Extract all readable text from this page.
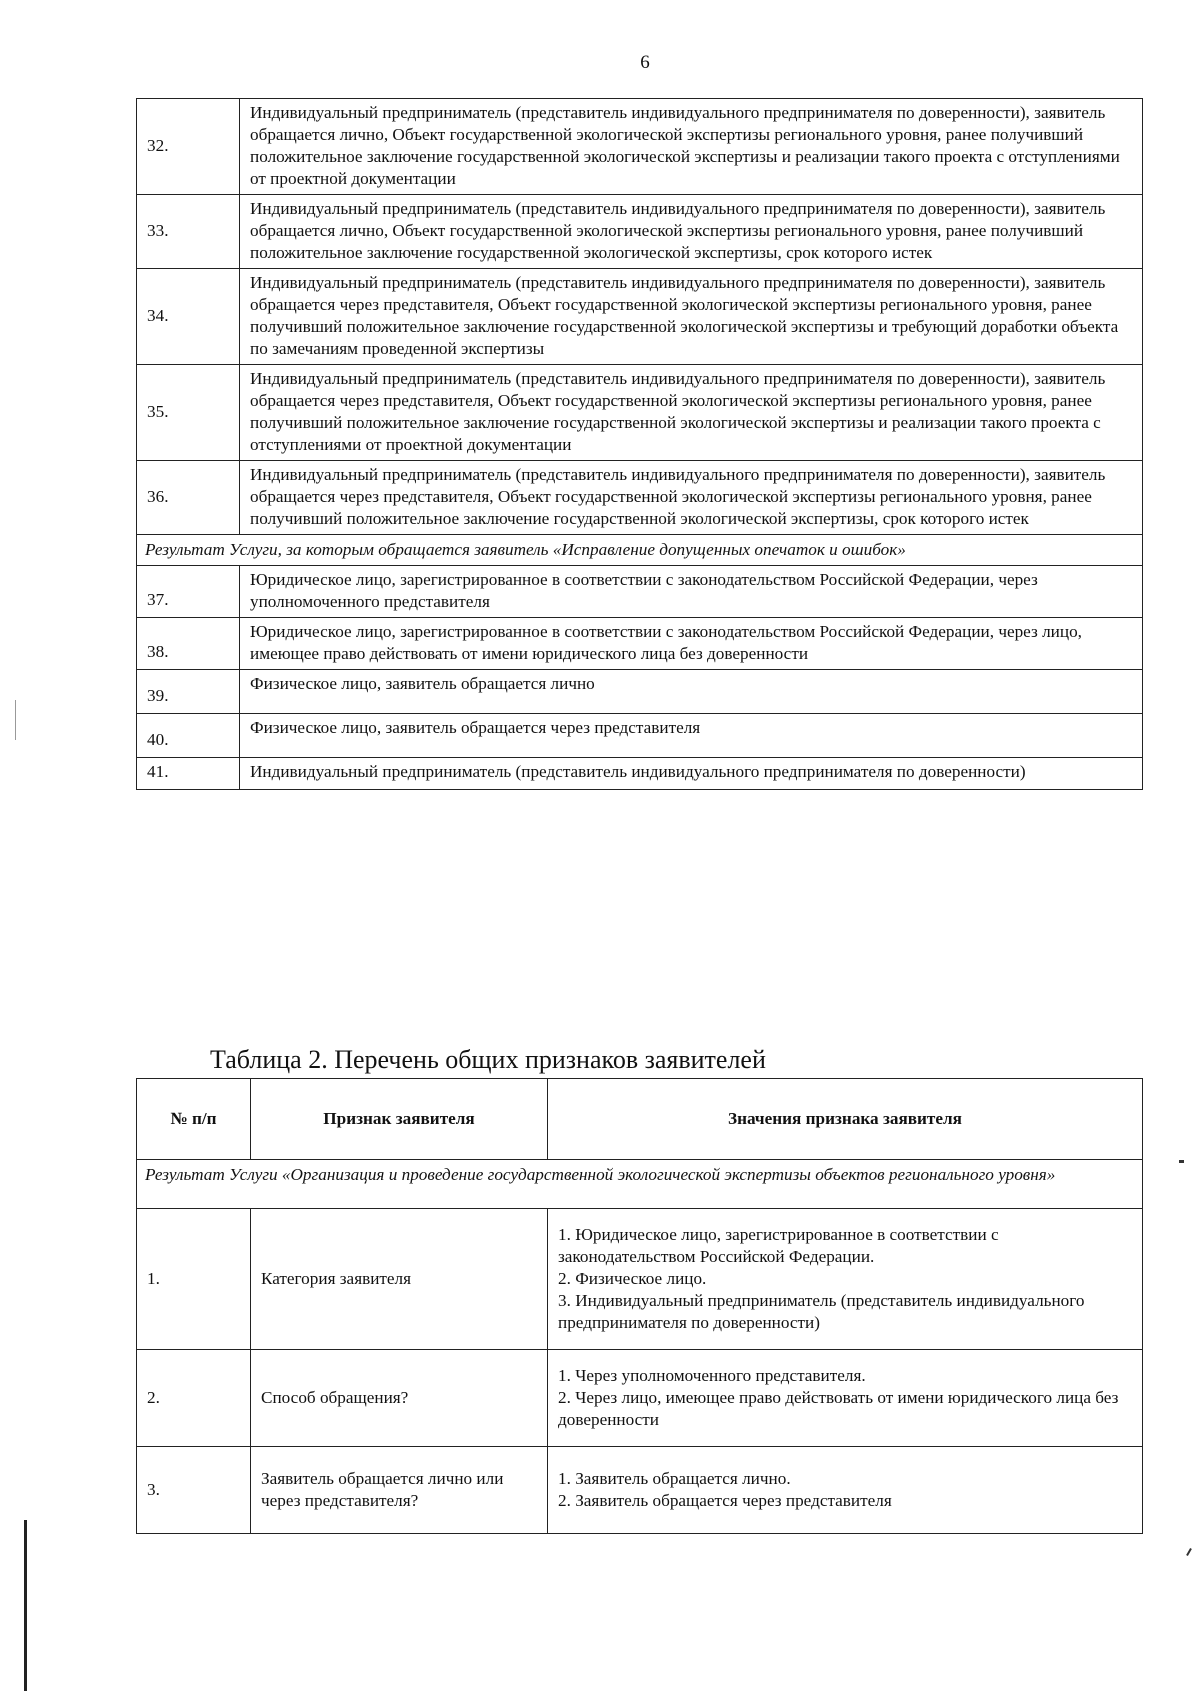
6
32.	Индивидуальный предприниматель (представитель индивидуального предпринимателя по доверенности), заявитель обращается лично, Объект государственной экологической экспертизы регионального уровня, ранее получивший положительное заключение государственной экологической экспертизы и реализации такого проекта с отступлениями от проектной документации
33.	Индивидуальный предприниматель (представитель индивидуального предпринимателя по доверенности), заявитель обращается лично, Объект государственной экологической экспертизы регионального уровня, ранее получивший положительное заключение государственной экологической экспертизы, срок которого истек
34.	Индивидуальный предприниматель (представитель индивидуального предпринимателя по доверенности), заявитель обращается через представителя, Объект государственной экологической экспертизы регионального уровня, ранее получивший положительное заключение государственной экологической экспертизы и требующий доработки объекта по замечаниям проведенной экспертизы
35.	Индивидуальный предприниматель (представитель индивидуального предпринимателя по доверенности), заявитель обращается через представителя, Объект государственной экологической экспертизы регионального уровня, ранее получивший положительное заключение государственной экологической экспертизы и реализации такого проекта с отступлениями от проектной документации
36.	Индивидуальный предприниматель (представитель индивидуального предпринимателя по доверенности), заявитель обращается через представителя, Объект государственной экологической экспертизы регионального уровня, ранее получивший положительное заключение государственной экологической экспертизы, срок которого истек
Результат Услуги, за которым обращается заявитель «Исправление допущенных опечаток и ошибок»	
37.	Юридическое лицо, зарегистрированное в соответствии с законодательством Российской Федерации, через уполномоченного представителя
38.	Юридическое лицо, зарегистрированное в соответствии с законодательством Российской Федерации, через лицо, имеющее право действовать от имени юридического лица без доверенности
39.	Физическое лицо, заявитель обращается лично
40.	Физическое лицо, заявитель обращается через представителя
41.	Индивидуальный предприниматель (представитель индивидуального предпринимателя по доверенности)
Таблица 2. Перечень общих признаков заявителей
№ п/п	Признак заявителя	Значения признака заявителя
Результат Услуги «Организация и проведение государственной экологической экспертизы объектов регионального уровня»		
1.	Категория заявителя	1. Юридическое лицо, зарегистрированное в соответствии с законодательством Российской Федерации.
2. Физическое лицо.
3. Индивидуальный предприниматель (представитель индивидуального предпринимателя по доверенности)

2.	Способ обращения?	1. Через уполномоченного представителя.
2. Через лицо, имеющее право действовать от имени юридического лица без доверенности

3.	Заявитель обращается лично или через представителя?	1. Заявитель обращается лично.
2. Заявитель обращается через представителя
